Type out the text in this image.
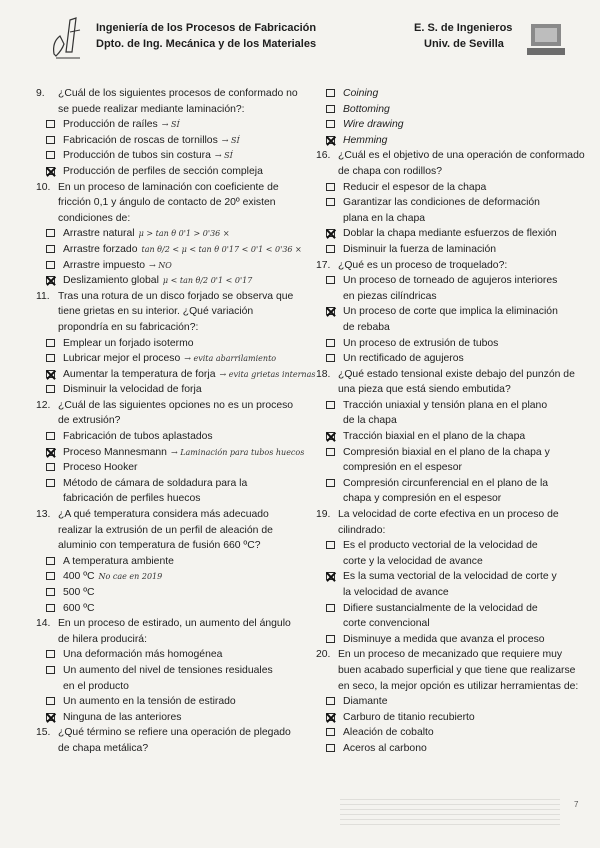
Ingeniería de los Procesos de Fabricación
Dpto. de Ing. Mecánica y de los Materiales
E. S. de Ingenieros
Univ. de Sevilla
9.	¿Cuál de los siguientes procesos de conformado no se puede realizar mediante laminación?:
Producción de raíles → SÍ
Fabricación de roscas de tornillos → SÍ
Producción de tubos sin costura → SÍ
Producción de perfiles de sección compleja
10. En un proceso de laminación con coeficiente de fricción 0,1 y ángulo de contacto de 20º existen condiciones de:
Arrastre natural μ > tan θ 0'1 > 0'36 ×
Arrastre forzado tan θ/2 < μ < tan θ 0'17 < 0'1 < 0'36 ×
Arrastre impuesto → NO
Deslizamiento global μ < tan θ/2 0'1 < 0'17
11. Tras una rotura de un disco forjado se observa que tiene grietas en su interior. ¿Qué variación propondría en su fabricación?:
Emplear un forjado isotermo
Lubricar mejor el proceso → evita abarrilamiento
Aumentar la temperatura de forja → evita grietas internas
Disminuir la velocidad de forja
12. ¿Cuál de las siguientes opciones no es un proceso de extrusión?
Fabricación de tubos aplastados
Proceso Mannesmann → Laminación para tubos huecos
Proceso Hooker
Método de cámara de soldadura para la
fabricación de perfiles huecos
13. ¿A qué temperatura considera más adecuado realizar la extrusión de un perfil de aleación de aluminio con temperatura de fusión 660 ºC?
A temperatura ambiente
400 ºC No cae en 2019
500 ºC
600 ºC
14. En un proceso de estirado, un aumento del ángulo de hilera producirá:
Una deformación más homogénea
Un aumento del nivel de tensiones residuales
en el producto
Un aumento en la tensión de estirado
Ninguna de las anteriores
15. ¿Qué término se refiere una operación de plegado de chapa metálica?
Coining
Bottoming
Wire drawing
Hemming
16. ¿Cuál es el objetivo de una operación de conformado de chapa con rodillos?
Reducir el espesor de la chapa
Garantizar las condiciones de deformación
plana en la chapa
Doblar la chapa mediante esfuerzos de flexión
Disminuir la fuerza de laminación
17. ¿Qué es un proceso de troquelado?:
Un proceso de torneado de agujeros interiores
en piezas cilíndricas
Un proceso de corte que implica la eliminación
de rebaba
Un proceso de extrusión de tubos
Un rectificado de agujeros
18. ¿Qué estado tensional existe debajo del punzón de una pieza que está siendo embutida?
Tracción uniaxial y tensión plana en el plano
de la chapa
Tracción biaxial en el plano de la chapa
Compresión biaxial en el plano de la chapa y
compresión en el espesor
Compresión circunferencial en el plano de la
chapa y compresión en el espesor
19. La velocidad de corte efectiva en un proceso de cilindrado:
Es el producto vectorial de la velocidad de
corte y la velocidad de avance
Es la suma vectorial de la velocidad de corte y
la velocidad de avance
Difiere sustancialmente de la velocidad de
corte convencional
Disminuye a medida que avanza el proceso
20. En un proceso de mecanizado que requiere muy buen acabado superficial y que tiene que realizarse en seco, la mejor opción es utilizar herramientas de:
Diamante
Carburo de titanio recubierto
Aleación de cobalto
Aceros al carbono
7
